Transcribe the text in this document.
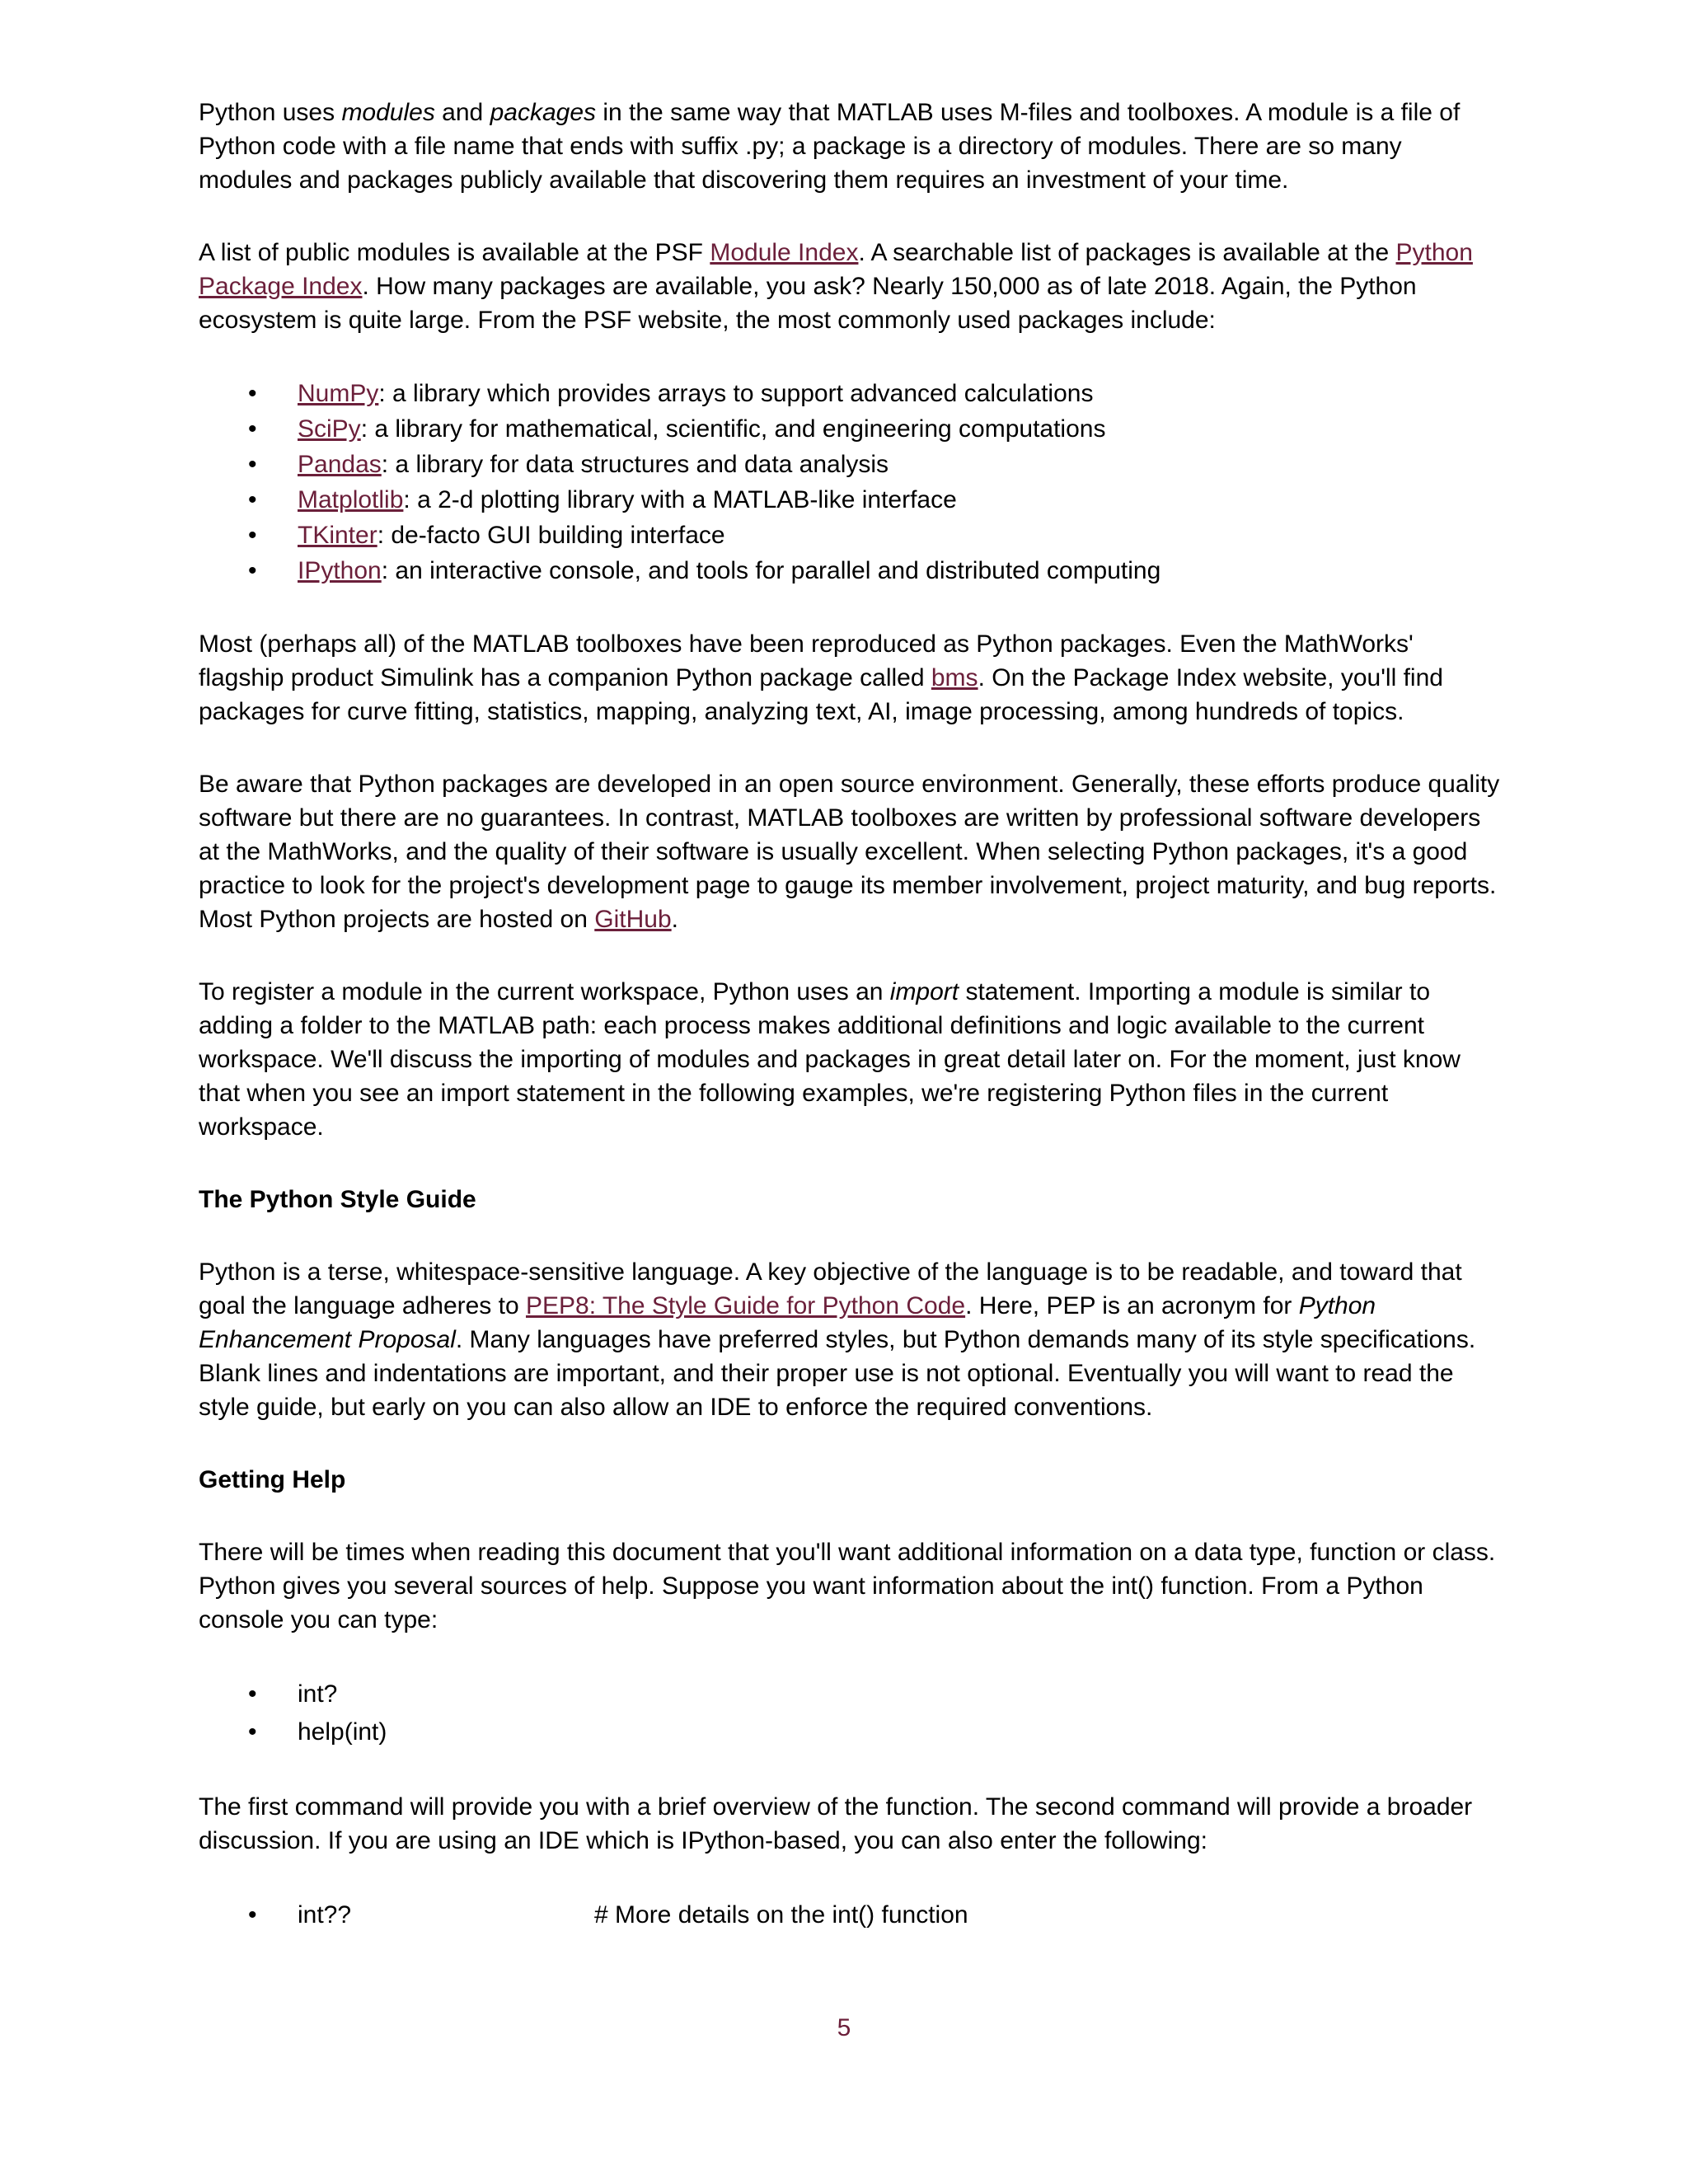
Python uses modules and packages in the same way that MATLAB uses M-files and toolboxes. A module is a file of Python code with a file name that ends with suffix .py; a package is a directory of modules. There are so many modules and packages publicly available that discovering them requires an investment of your time.

A list of public modules is available at the PSF Module Index. A searchable list of packages is available at the Python Package Index. How many packages are available, you ask? Nearly 150,000 as of late 2018. Again, the Python ecosystem is quite large. From the PSF website, the most commonly used packages include:

• NumPy: a library which provides arrays to support advanced calculations
• SciPy: a library for mathematical, scientific, and engineering computations
• Pandas: a library for data structures and data analysis
• Matplotlib: a 2-d plotting library with a MATLAB-like interface
• TKinter: de-facto GUI building interface
• IPython: an interactive console, and tools for parallel and distributed computing

Most (perhaps all) of the MATLAB toolboxes have been reproduced as Python packages. Even the MathWorks' flagship product Simulink has a companion Python package called bms. On the Package Index website, you'll find packages for curve fitting, statistics, mapping, analyzing text, AI, image processing, among hundreds of topics.

Be aware that Python packages are developed in an open source environment. Generally, these efforts produce quality software but there are no guarantees. In contrast, MATLAB toolboxes are written by professional software developers at the MathWorks, and the quality of their software is usually excellent. When selecting Python packages, it's a good practice to look for the project's development page to gauge its member involvement, project maturity, and bug reports. Most Python projects are hosted on GitHub.

To register a module in the current workspace, Python uses an import statement. Importing a module is similar to adding a folder to the MATLAB path: each process makes additional definitions and logic available to the current workspace. We'll discuss the importing of modules and packages in great detail later on. For the moment, just know that when you see an import statement in the following examples, we're registering Python files in the current workspace.

The Python Style Guide

Python is a terse, whitespace-sensitive language. A key objective of the language is to be readable, and toward that goal the language adheres to PEP8: The Style Guide for Python Code. Here, PEP is an acronym for Python Enhancement Proposal. Many languages have preferred styles, but Python demands many of its style specifications. Blank lines and indentations are important, and their proper use is not optional. Eventually you will want to read the style guide, but early on you can also allow an IDE to enforce the required conventions.

Getting Help

There will be times when reading this document that you'll want additional information on a data type, function or class. Python gives you several sources of help. Suppose you want information about the int() function. From a Python console you can type:

• int?
• help(int)

The first command will provide you with a brief overview of the function. The second command will provide a broader discussion. If you are using an IDE which is IPython-based, you can also enter the following:

• int??	# More details on the int() function
5
